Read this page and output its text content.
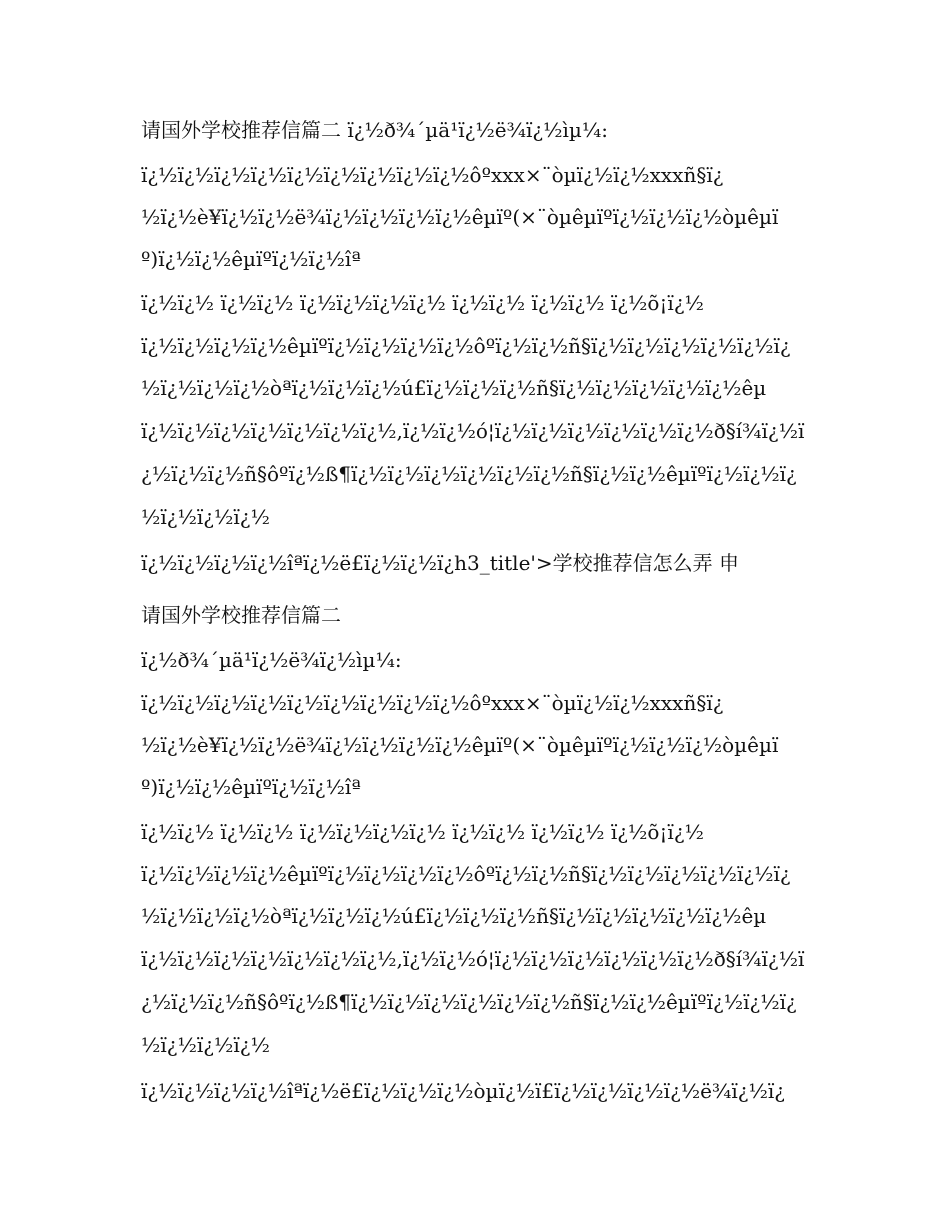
请国外学校推荐信篇二 ï¿½ð¾´µä¹ï¿½ë¾ï¿½ìµ¼:
ï¿½ï¿½ï¿½ï¿½ï¿½ï¿½ï¿½ï¿½ï¿½ôºxxx×¨òµï¿½ï¿½xxxñ§ï¿
½ï¿½è¥ï¿½ï¿½ë¾ï¿½ï¿½ï¿½ï¿½êµïº(×¨òµêµïºï¿½ï¿½ï¿½òµêµï
º)ï¿½ï¿½êµïºï¿½ï¿½îª
ï¿½ï¿½ ï¿½ï¿½ ï¿½ï¿½ï¿½ï¿½ ï¿½ï¿½ ï¿½ï¿½ ï¿½õ¡ï¿½
ï¿½ï¿½ï¿½ï¿½êµïºï¿½ï¿½ï¿½ï¿½ôºï¿½ï¿½ñ§ï¿½ï¿½ï¿½ï¿½ï¿½ï¿
½ï¿½ï¿½ï¿½òªï¿½ï¿½ï¿½ú£ï¿½ï¿½ï¿½ñ§ï¿½ï¿½ï¿½ï¿½ï¿½êµ
ï¿½ï¿½ï¿½ï¿½ï¿½ï¿½ï¿½,ï¿½ï¿½ó¦ï¿½ï¿½ï¿½ï¿½ï¿½ï¿½ð§í¾ï¿½ï
¿½ï¿½ï¿½ñ§ôºï¿½ß¶ï¿½ï¿½ï¿½ï¿½ï¿½ï¿½ñ§ï¿½ï¿½êµïºï¿½ï¿½ï¿
½ï¿½ï¿½ï¿½
ï¿½ï¿½ï¿½ï¿½îªï¿½ë£ï¿½ï¿½ï¿h3_title'>学校推荐信怎么弄 申
请国外学校推荐信篇二
ï¿½ð¾´µä¹ï¿½ë¾ï¿½ìµ¼:
ï¿½ï¿½ï¿½ï¿½ï¿½ï¿½ï¿½ï¿½ï¿½ôºxxx×¨òµï¿½ï¿½xxxñ§ï¿
½ï¿½è¥ï¿½ï¿½ë¾ï¿½ï¿½ï¿½ï¿½êµïº(×¨òµêµïºï¿½ï¿½ï¿½òµêµï
º)ï¿½ï¿½êµïºï¿½ï¿½îª
ï¿½ï¿½ ï¿½ï¿½ ï¿½ï¿½ï¿½ï¿½ ï¿½ï¿½ ï¿½ï¿½ ï¿½õ¡ï¿½
ï¿½ï¿½ï¿½ï¿½êµïºï¿½ï¿½ï¿½ï¿½ôºï¿½ï¿½ñ§ï¿½ï¿½ï¿½ï¿½ï¿½ï¿
½ï¿½ï¿½ï¿½òªï¿½ï¿½ï¿½ú£ï¿½ï¿½ï¿½ñ§ï¿½ï¿½ï¿½ï¿½ï¿½êµ
ï¿½ï¿½ï¿½ï¿½ï¿½ï¿½ï¿½,ï¿½ï¿½ó¦ï¿½ï¿½ï¿½ï¿½ï¿½ï¿½ð§í¾ï¿½ï
¿½ï¿½ï¿½ñ§ôºï¿½ß¶ï¿½ï¿½ï¿½ï¿½ï¿½ï¿½ñ§ï¿½ï¿½êµïºï¿½ï¿½ï¿
½ï¿½ï¿½ï¿½
ï¿½ï¿½ï¿½ï¿½îªï¿½ë£ï¿½ï¿½ï¿½òµï¿½ï£ï¿½ï¿½ï¿½ï¿½ë¾ï¿½ï¿
